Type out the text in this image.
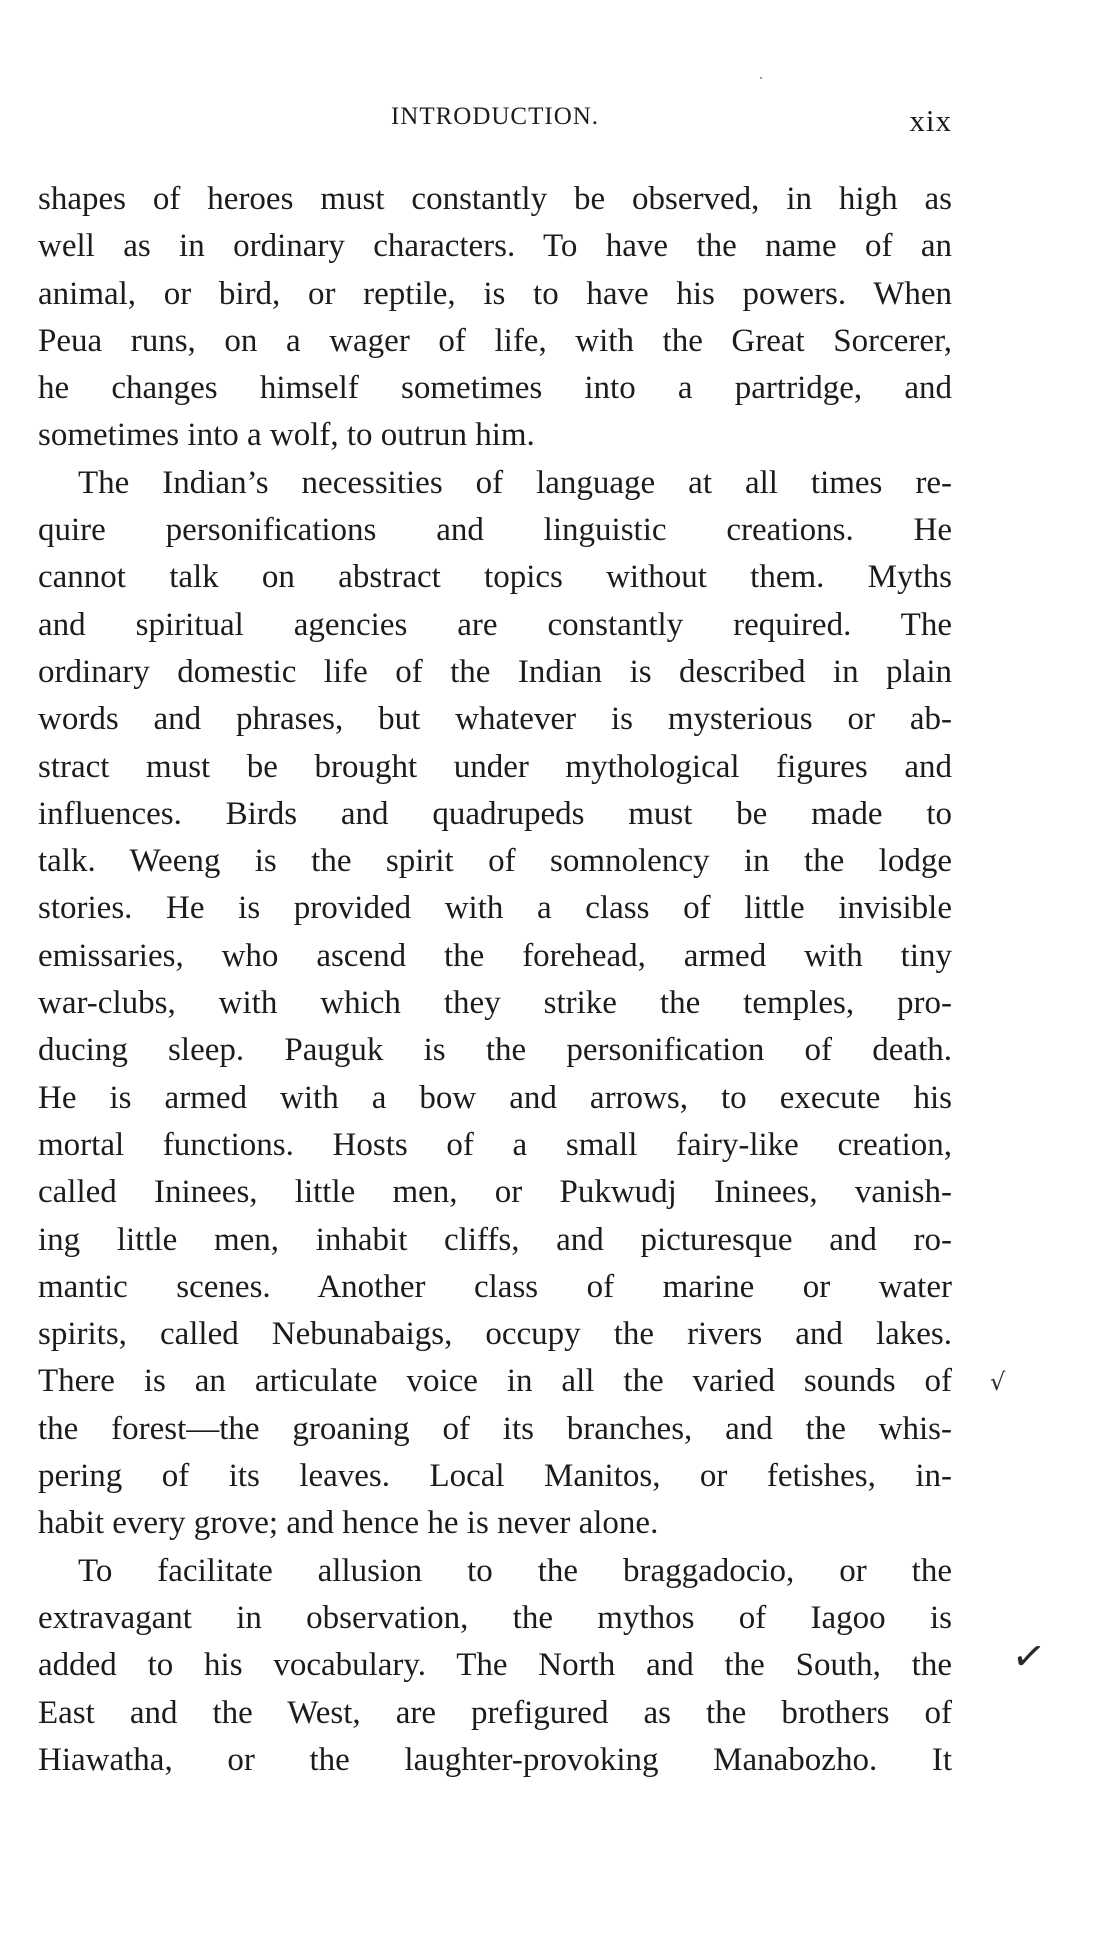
INTRODUCTION.	xix
shapes of heroes must constantly be observed, in high as
well as in ordinary characters. To have the name of an
animal, or bird, or reptile, is to have his powers. When
Peua runs, on a wager of life, with the Great Sorcerer,
he changes himself sometimes into a partridge, and
sometimes into a wolf, to outrun him.
The Indian’s necessities of language at all times re-
quire personifications and linguistic creations. He
cannot talk on abstract topics without them. Myths
and spiritual agencies are constantly required. The
ordinary domestic life of the Indian is described in plain
words and phrases, but whatever is mysterious or ab-
stract must be brought under mythological figures and
influences. Birds and quadrupeds must be made to
talk. Weeng is the spirit of somnolency in the lodge
stories. He is provided with a class of little invisible
emissaries, who ascend the forehead, armed with tiny
war-clubs, with which they strike the temples, pro-
ducing sleep. Pauguk is the personification of death.
He is armed with a bow and arrows, to execute his
mortal functions. Hosts of a small fairy-like creation,
called Ininees, little men, or Pukwudj Ininees, vanish-
ing little men, inhabit cliffs, and picturesque and ro-
mantic scenes. Another class of marine or water
spirits, called Nebunabaigs, occupy the rivers and lakes.
There is an articulate voice in all the varied sounds of
the forest—the groaning of its branches, and the whis-
pering of its leaves. Local Manitos, or fetishes, in-
habit every grove; and hence he is never alone.
To facilitate allusion to the braggadocio, or the
extravagant in observation, the mythos of Iagoo is
added to his vocabulary. The North and the South, the
East and the West, are prefigured as the brothers of
Hiawatha, or the laughter-provoking Manabozho. It
√
✓
